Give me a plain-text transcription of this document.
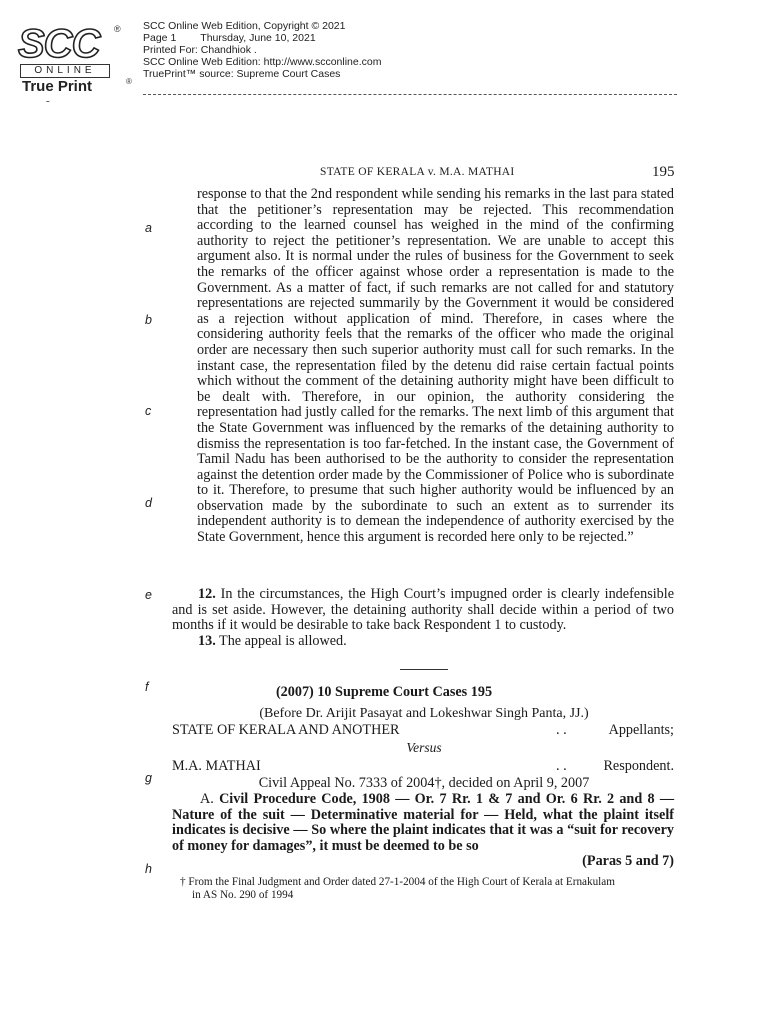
SCC ®
ONLINE
True Print	®
SCC Online Web Edition, Copyright © 2021
Page 1 Thursday, June 10, 2021
Printed For: Chandhiok .
SCC Online Web Edition: http://www.scconline.com
TruePrint™ source: Supreme Court Cases
-
STATE OF KERALA v. M.A. MATHAI	195
a
b
c
d
e
f
g
h

response to that the 2nd respondent while sending his remarks in the last para stated that the petitioner’s representation may be rejected. This recommendation according to the learned counsel has weighed in the mind of the confirming authority to reject the petitioner’s representation. We are unable to accept this argument also. It is normal under the rules of business for the Government to seek the remarks of the officer against whose order a representation is made to the Government. As a matter of fact, if such remarks are not called for and statutory representations are rejected summarily by the Government it would be considered as a rejection without application of mind. Therefore, in cases where the considering authority feels that the remarks of the officer who made the original order are necessary then such superior authority must call for such remarks. In the instant case, the representation filed by the detenu did raise certain factual points which without the comment of the detaining authority might have been difficult to be dealt with. Therefore, in our opinion, the authority considering the representation had justly called for the remarks. The next limb of this argument that the State Government was influenced by the remarks of the detaining authority to dismiss the representation is too far-fetched. In the instant case, the Government of Tamil Nadu has been authorised to be the authority to consider the representation against the detention order made by the Commissioner of Police who is subordinate to it. Therefore, to presume that such higher authority would be influenced by an observation made by the subordinate to such an extent as to surrender its independent authority is to demean the independence of authority exercised by the State Government, hence this argument is recorded here only to be rejected.”

12. In the circumstances, the High Court’s impugned order is clearly indefensible and is set aside. However, the detaining authority shall decide within a period of two months if it would be desirable to take back Respondent 1 to custody.

13. The appeal is allowed.

(2007) 10 Supreme Court Cases 195
(Before Dr. Arijit Pasayat and Lokeshwar Singh Panta, JJ.)
STATE OF KERALA AND ANOTHER	. .	Appellants;
Versus
M.A. MATHAI	. .	Respondent.
Civil Appeal No. 7333 of 2004†, decided on April 9, 2007

A. Civil Procedure Code, 1908 — Or. 7 Rr. 1 & 7 and Or. 6 Rr. 2 and 8 — Nature of the suit — Determinative material for — Held, what the plaint itself indicates is decisive — So where the plaint indicates that it was a “suit for recovery of money for damages”, it must be deemed to be so

(Paras 5 and 7)

† From the Final Judgment and Order dated 27-1-2004 of the High Court of Kerala at Ernakulam
in AS No. 290 of 1994
